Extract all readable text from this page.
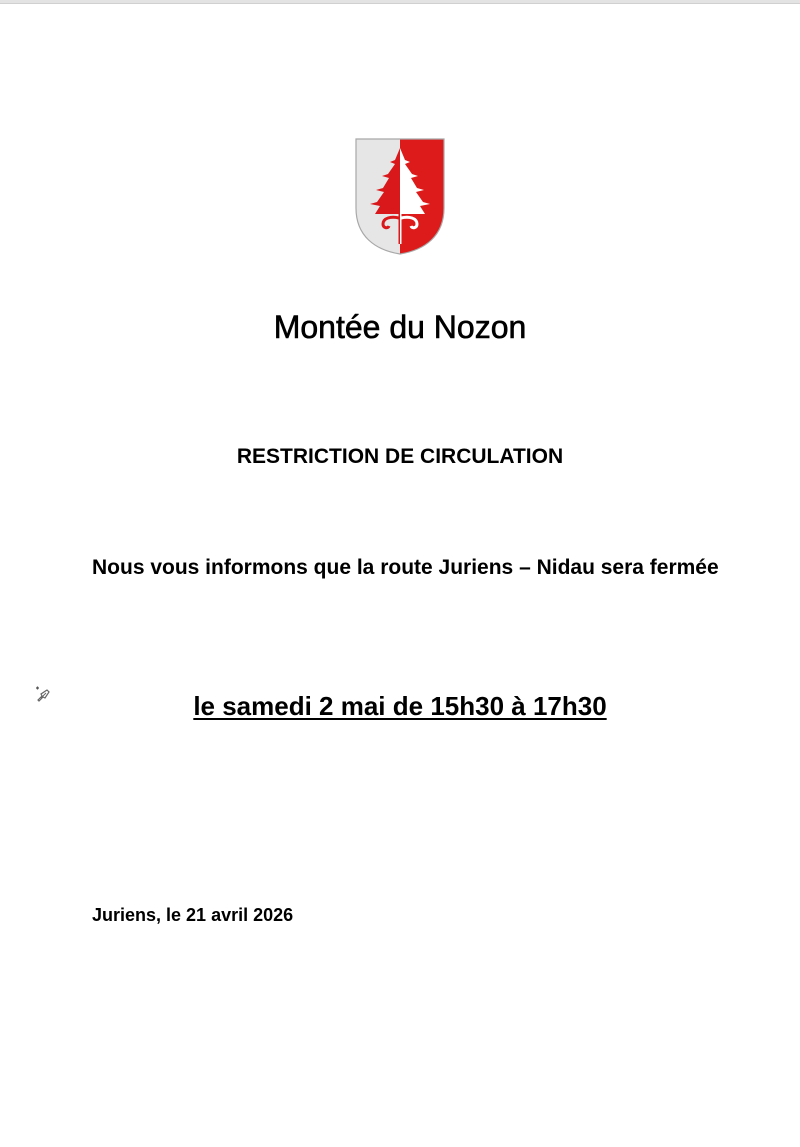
Montée du Nozon
RESTRICTION DE CIRCULATION
Nous vous informons que la route Juriens – Nidau sera fermée
le samedi 2 mai de 15h30 à 17h30
Juriens, le 21 avril 2026
